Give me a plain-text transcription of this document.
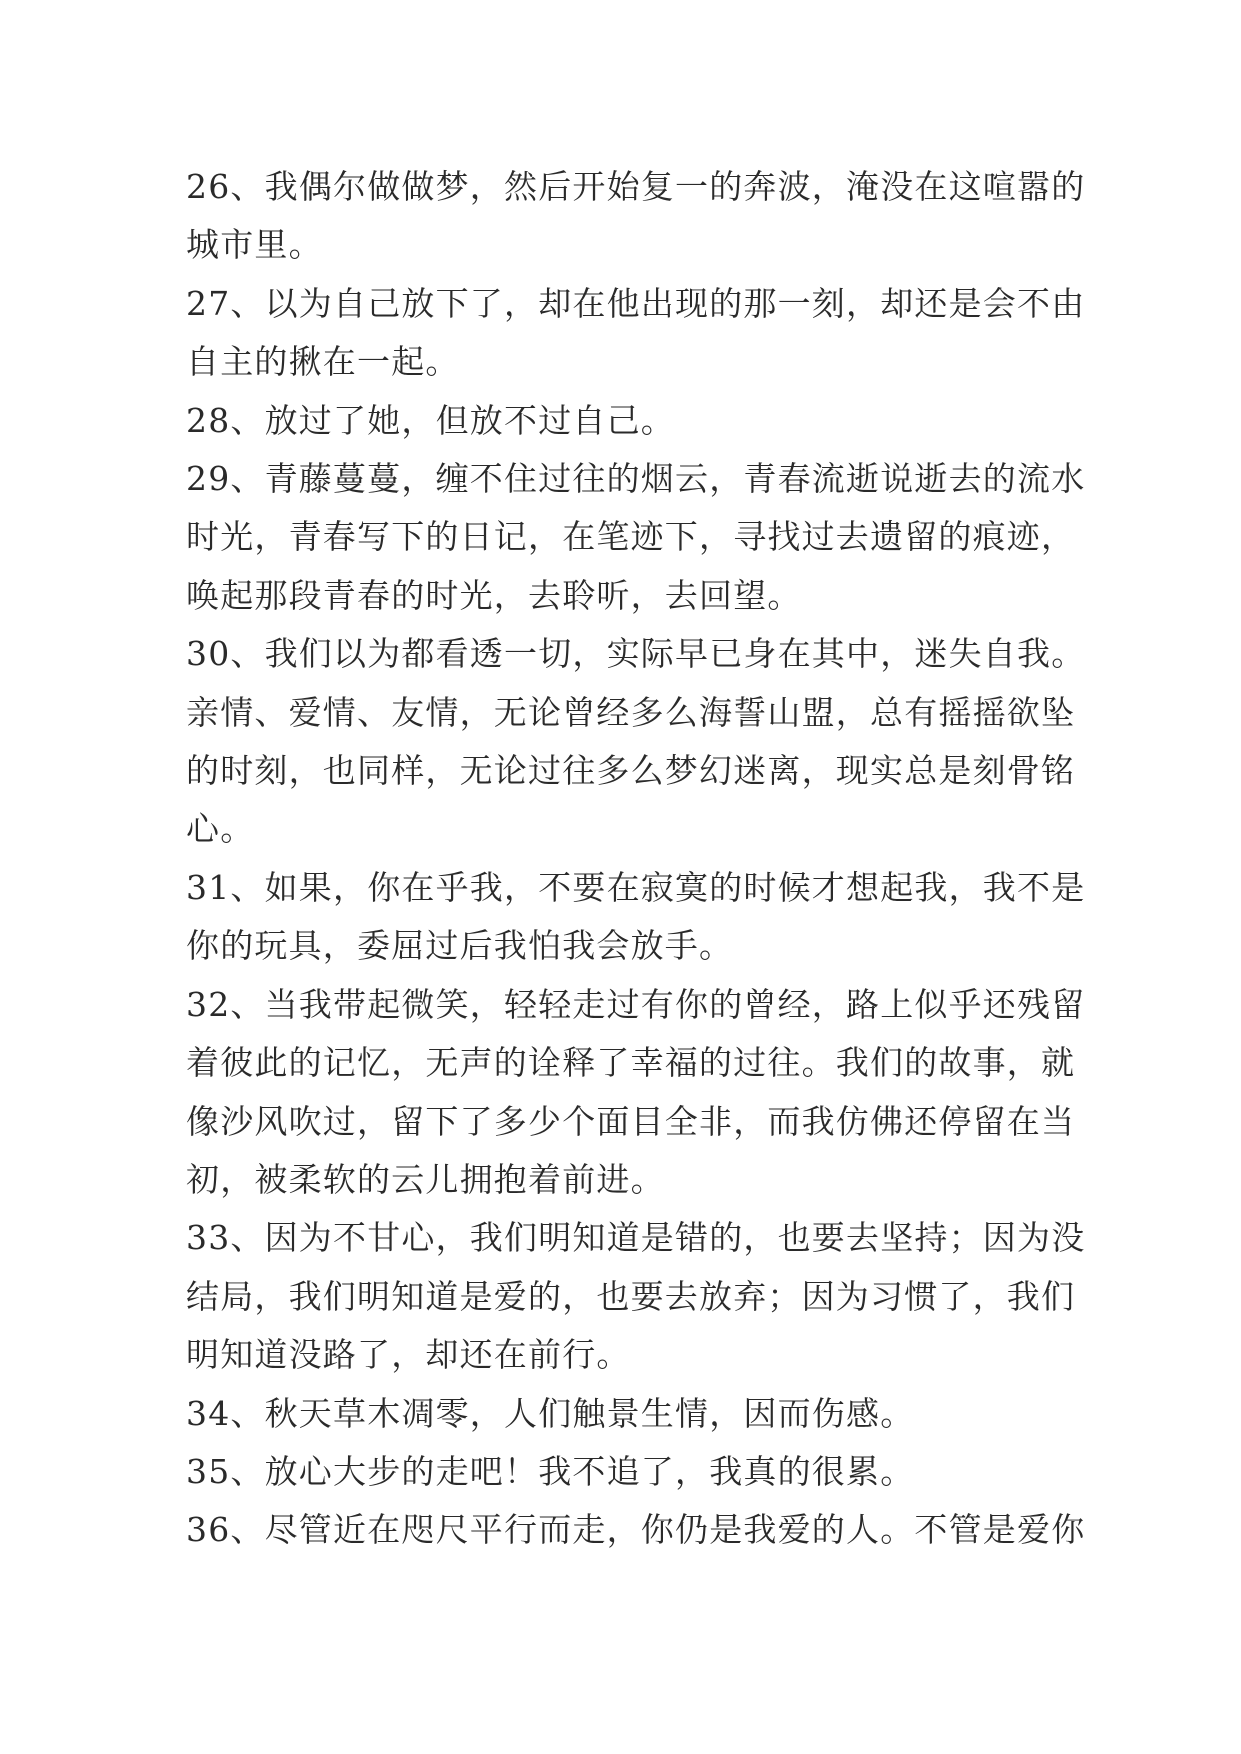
26、我偶尔做做梦，然后开始复一的奔波，淹没在这喧嚣的城市里。

27、以为自己放下了，却在他出现的那一刻，却还是会不由自主的揪在一起。

28、放过了她，但放不过自己。

29、青藤蔓蔓，缠不住过往的烟云，青春流逝说逝去的流水时光，青春写下的日记，在笔迹下，寻找过去遗留的痕迹，唤起那段青春的时光，去聆听，去回望。

30、我们以为都看透一切，实际早已身在其中，迷失自我。亲情、爱情、友情，无论曾经多么海誓山盟，总有摇摇欲坠的时刻，也同样，无论过往多么梦幻迷离，现实总是刻骨铭心。

31、如果，你在乎我，不要在寂寞的时候才想起我，我不是你的玩具，委屈过后我怕我会放手。

32、当我带起微笑，轻轻走过有你的曾经，路上似乎还残留着彼此的记忆，无声的诠释了幸福的过往。我们的故事，就像沙风吹过，留下了多少个面目全非，而我仿佛还停留在当初，被柔软的云儿拥抱着前进。

33、因为不甘心，我们明知道是错的，也要去坚持；因为没结局，我们明知道是爱的，也要去放弃；因为习惯了，我们明知道没路了，却还在前行。

34、秋天草木凋零，人们触景生情，因而伤感。

35、放心大步的走吧！我不追了，我真的很累。

36、尽管近在咫尺平行而走，你仍是我爱的人。不管是爱你
